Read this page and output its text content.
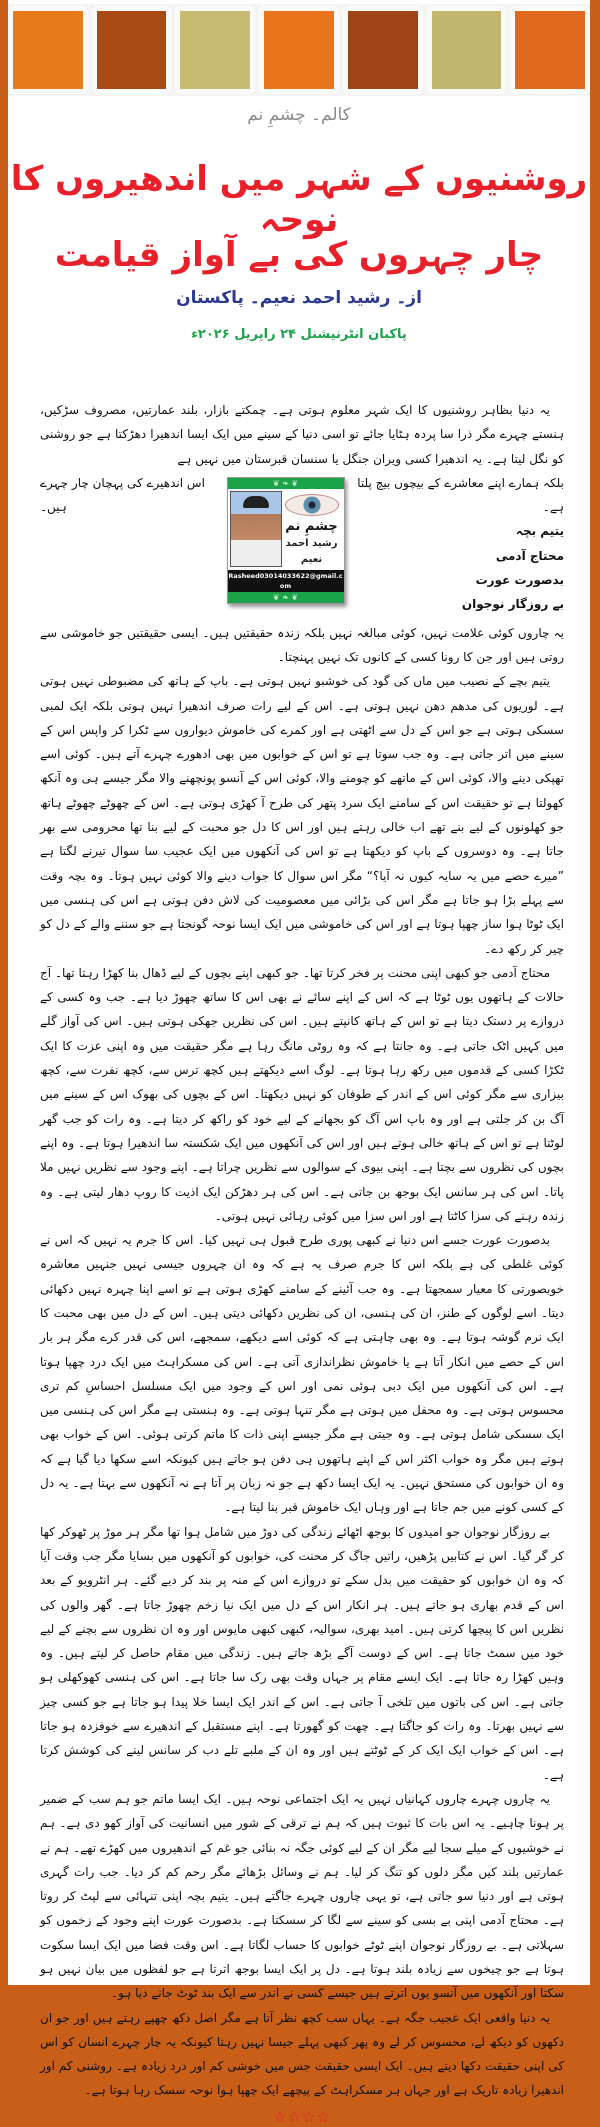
کالم۔ چشمِ نم
روشنیوں کے شہر میں اندھیروں کا نوحہ
چار چہروں کی بے آواز قیامت
از۔ رشید احمد نعیم۔ پاکستان
پاکبان انٹرنیشنل ۲۴ راپریل ۲۰۲۶ء

یہ دنیا بظاہر روشنیوں کا ایک شہر معلوم ہوتی ہے۔ چمکتے بازار، بلند عمارتیں، مصروف سڑکیں، ہنستے چہرے مگر ذرا سا پردہ ہٹایا جائے تو اسی دنیا کے سینے میں ایک ایسا اندھیرا دھڑکتا ہے جو روشنی کو نگل لیتا ہے۔ یہ اندھیرا کسی ویران جنگل یا سنسان قبرستان میں نہیں ہے

بلکہ ہمارے اپنے معاشرے کے بیچوں بیچ پلتا ہے۔
یتیم بچہ
محتاج آدمی
بدصورت عورت
بے روزگار نوجوان
❦ ❧ ❦
چشمِ نم
رشید احمد نعیم
Rasheed03014033622@gmail.com
❦ ❧ ❦
اس اندھیرے کی پہچان چار چہرے ہیں۔

یہ چاروں کوئی علامت نہیں، کوئی مبالغہ نہیں بلکہ زندہ حقیقتیں ہیں۔ ایسی حقیقتیں جو خاموشی سے روتی ہیں اور جن کا رونا کسی کے کانوں تک نہیں پہنچتا۔

یتیم بچے کے نصیب میں ماں کی گود کی خوشبو نہیں ہوتی ہے۔ باپ کے ہاتھ کی مضبوطی نہیں ہوتی ہے۔ لوریوں کی مدھم دھن نہیں ہوتی ہے۔ اس کے لیے رات صرف اندھیرا نہیں ہوتی بلکہ ایک لمبی سسکی ہوتی ہے جو اس کے دل سے اٹھتی ہے اور کمرے کی خاموش دیواروں سے ٹکرا کر واپس اس کے سینے میں اتر جاتی ہے۔ وہ جب سوتا ہے تو اس کے خوابوں میں بھی ادھورے چہرے آتے ہیں۔ کوئی اسے تھپکی دینے والا، کوئی اس کے ماتھے کو چومنے والا، کوئی اس کے آنسو پونچھنے والا مگر جیسے ہی وہ آنکھ کھولتا ہے تو حقیقت اس کے سامنے ایک سرد پتھر کی طرح آ کھڑی ہوتی ہے۔ اس کے چھوٹے چھوٹے ہاتھ جو کھلونوں کے لیے بنے تھے اب خالی رہتے ہیں اور اس کا دل جو محبت کے لیے بنا تھا محرومی سے بھر جاتا ہے۔ وہ دوسروں کے باپ کو دیکھتا ہے تو اس کی آنکھوں میں ایک عجیب سا سوال تیرنے لگتا ہے ”میرے حصے میں یہ سایہ کیوں نہ آیا؟“ مگر اس سوال کا جواب دینے والا کوئی نہیں ہوتا۔ وہ بچہ وقت سے پہلے بڑا ہو جاتا ہے مگر اس کی بڑائی میں معصومیت کی لاش دفن ہوتی ہے اس کی ہنسی میں ایک ٹوٹا ہوا ساز چھپا ہوتا ہے اور اس کی خاموشی میں ایک ایسا نوحہ گونجتا ہے جو سننے والے کے دل کو چیر کر رکھ دے۔

محتاج آدمی جو کبھی اپنی محنت پر فخر کرتا تھا۔ جو کبھی اپنے بچوں کے لیے ڈھال بنا کھڑا رہتا تھا۔ آج حالات کے ہاتھوں یوں ٹوٹا ہے کہ اس کے اپنے سائے نے بھی اس کا ساتھ چھوڑ دیا ہے۔ جب وہ کسی کے دروازے پر دستک دیتا ہے تو اس کے ہاتھ کانپتے ہیں۔ اس کی نظریں جھکی ہوتی ہیں۔ اس کی آواز گلے میں کہیں اٹک جاتی ہے۔ وہ جانتا ہے کہ وہ روٹی مانگ رہا ہے مگر حقیقت میں وہ اپنی عزت کا ایک ٹکڑا کسی کے قدموں میں رکھ رہا ہوتا ہے۔ لوگ اسے دیکھتے ہیں کچھ ترس سے، کچھ نفرت سے، کچھ بیزاری سے مگر کوئی اس کے اندر کے طوفان کو نہیں دیکھتا۔ اس کے بچوں کی بھوک اس کے سینے میں آگ بن کر جلتی ہے اور وہ باپ اس آگ کو بجھانے کے لیے خود کو راکھ کر دیتا ہے۔ وہ رات کو جب گھر لوٹتا ہے تو اس کے ہاتھ خالی ہوتے ہیں اور اس کی آنکھوں میں ایک شکستہ سا اندھیرا ہوتا ہے۔ وہ اپنے بچوں کی نظروں سے بچتا ہے۔ اپنی بیوی کے سوالوں سے نظریں چراتا ہے۔ اپنے وجود سے نظریں نہیں ملا پاتا۔ اس کی ہر سانس ایک بوجھ بن جاتی ہے۔ اس کی ہر دھڑکن ایک اذیت کا روپ دھار لیتی ہے۔ وہ زندہ رہنے کی سزا کاٹتا ہے اور اس سزا میں کوئی رہائی نہیں ہوتی۔

بدصورت عورت جسے اس دنیا نے کبھی پوری طرح قبول ہی نہیں کیا۔ اس کا جرم یہ نہیں کہ اس نے کوئی غلطی کی ہے بلکہ اس کا جرم صرف یہ ہے کہ وہ ان چہروں جیسی نہیں جنہیں معاشرہ خوبصورتی کا معیار سمجھتا ہے۔ وہ جب آئینے کے سامنے کھڑی ہوتی ہے تو اسے اپنا چہرہ نہیں دکھائی دیتا۔ اسے لوگوں کے طنز، ان کی ہنسی، ان کی نظریں دکھائی دیتی ہیں۔ اس کے دل میں بھی محبت کا ایک نرم گوشہ ہوتا ہے۔ وہ بھی چاہتی ہے کہ کوئی اسے دیکھے، سمجھے، اس کی قدر کرے مگر ہر بار اس کے حصے میں انکار آتا ہے یا خاموش نظراندازی آتی ہے۔ اس کی مسکراہٹ میں ایک درد چھپا ہوتا ہے۔ اس کی آنکھوں میں ایک دبی ہوئی نمی اور اس کے وجود میں ایک مسلسل احساسِ کم تری محسوس ہوتی ہے۔ وہ محفل میں ہوتی ہے مگر تنہا ہوتی ہے۔ وہ ہنستی ہے مگر اس کی ہنسی میں ایک سسکی شامل ہوتی ہے۔ وہ جیتی ہے مگر جیسے اپنی ذات کا ماتم کرتی ہوئی۔ اس کے خواب بھی ہوتے ہیں مگر وہ خواب اکثر اس کے اپنے ہاتھوں ہی دفن ہو جاتے ہیں کیونکہ اسے سکھا دیا گیا ہے کہ وہ ان خوابوں کی مستحق نہیں۔ یہ ایک ایسا دکھ ہے جو نہ زبان پر آتا ہے نہ آنکھوں سے بہتا ہے۔ یہ دل کے کسی کونے میں جم جاتا ہے اور وہاں ایک خاموش قبر بنا لیتا ہے۔

بے روزگار نوجوان جو امیدوں کا بوجھ اٹھائے زندگی کی دوڑ میں شامل ہوا تھا مگر ہر موڑ پر ٹھوکر کھا کر گر گیا۔ اس نے کتابیں پڑھیں، راتیں جاگ کر محنت کی، خوابوں کو آنکھوں میں بسایا مگر جب وقت آیا کہ وہ ان خوابوں کو حقیقت میں بدل سکے تو دروازے اس کے منہ پر بند کر دیے گئے۔ ہر انٹرویو کے بعد اس کے قدم بھاری ہو جاتے ہیں۔ ہر انکار اس کے دل میں ایک نیا زخم چھوڑ جاتا ہے۔ گھر والوں کی نظریں اس کا پیچھا کرتی ہیں۔ امید بھری، سوالیہ، کبھی کبھی مایوس اور وہ ان نظروں سے بچنے کے لیے خود میں سمٹ جاتا ہے۔ اس کے دوست آگے بڑھ جاتے ہیں۔ زندگی میں مقام حاصل کر لیتے ہیں۔ وہ وہیں کھڑا رہ جاتا ہے۔ ایک ایسے مقام پر جہاں وقت بھی رک سا جاتا ہے۔ اس کی ہنسی کھوکھلی ہو جاتی ہے۔ اس کی باتوں میں تلخی آ جاتی ہے۔ اس کے اندر ایک ایسا خلا پیدا ہو جاتا ہے جو کسی چیز سے نہیں بھرتا۔ وہ رات کو جاگتا ہے۔ چھت کو گھورتا ہے۔ اپنے مستقبل کے اندھیرے سے خوفزدہ ہو جاتا ہے۔ اس کے خواب ایک ایک کر کے ٹوٹتے ہیں اور وہ ان کے ملبے تلے دب کر سانس لینے کی کوشش کرتا ہے۔

یہ چاروں چہرے چاروں کہانیاں نہیں یہ ایک اجتماعی نوحہ ہیں۔ ایک ایسا ماتم جو ہم سب کے ضمیر پر ہونا چاہیے۔ یہ اس بات کا ثبوت ہیں کہ ہم نے ترقی کے شور میں انسانیت کی آواز کھو دی ہے۔ ہم نے خوشیوں کے میلے سجا لیے مگر ان کے لیے کوئی جگہ نہ بنائی جو غم کے اندھیروں میں کھڑے تھے۔ ہم نے عمارتیں بلند کیں مگر دلوں کو تنگ کر لیا۔ ہم نے وسائل بڑھائے مگر رحم کم کر دیا۔ جب رات گہری ہوتی ہے اور دنیا سو جاتی ہے، تو یہی چاروں چہرے جاگتے ہیں۔ یتیم بچہ اپنی تنہائی سے لپٹ کر روتا ہے۔ محتاج آدمی اپنی بے بسی کو سینے سے لگا کر سسکتا ہے۔ بدصورت عورت اپنے وجود کے زخموں کو سہلاتی ہے۔ بے روزگار نوجوان اپنے ٹوٹے خوابوں کا حساب لگاتا ہے۔ اس وقت فضا میں ایک ایسا سکوت ہوتا ہے جو چیخوں سے زیادہ بلند ہوتا ہے۔ دل پر ایک ایسا بوجھ اترتا ہے جو لفظوں میں بیان نہیں ہو سکتا اور آنکھوں میں آنسو یوں اترتے ہیں جیسے کسی نے اندر سے ایک بند ٹوٹ جانے دیا ہو۔

یہ دنیا واقعی ایک عجیب جگہ ہے۔ یہاں سب کچھ نظر آتا ہے مگر اصل دکھ چھپے رہتے ہیں اور جو ان دکھوں کو دیکھ لے، محسوس کر لے وہ پھر کبھی پہلے جیسا نہیں رہتا کیونکہ یہ چار چہرے انسان کو اس کی اپنی حقیقت دکھا دیتے ہیں۔ ایک ایسی حقیقت جس میں خوشی کم اور درد زیادہ ہے۔ روشنی کم اور اندھیرا زیادہ تاریک ہے اور جہاں ہر مسکراہٹ کے پیچھے ایک چھپا ہوا نوحہ سسک رہا ہوتا ہے۔

☆☆☆☆
